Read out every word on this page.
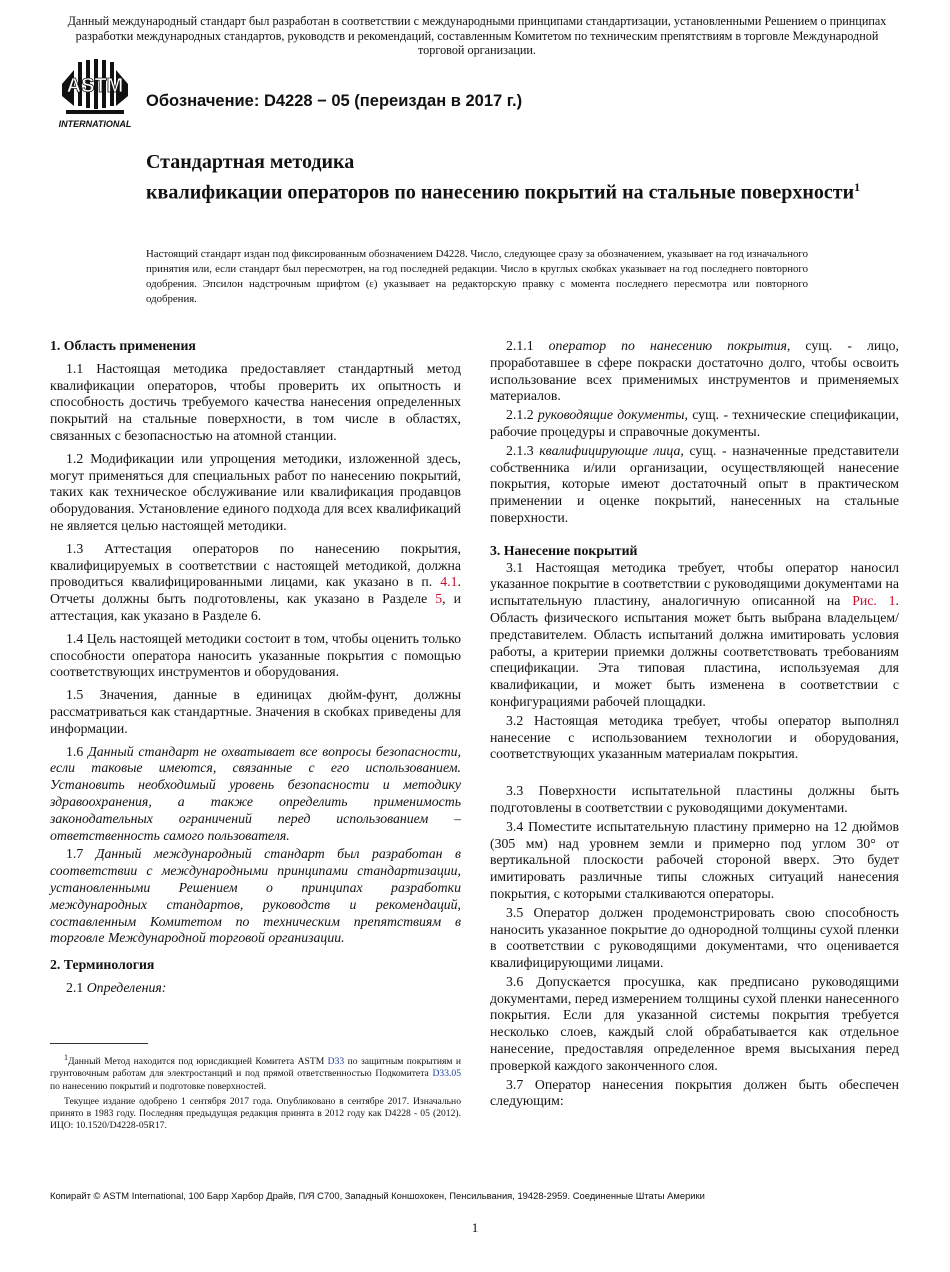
Данный международный стандарт был разработан в соответствии с международными принципами стандартизации, установленными Решением о принципах разработки международных стандартов, руководств и рекомендаций, составленным Комитетом по техническим препятствиям в торговле Международной торговой организации.
ASTM
INTERNATIONAL
Обозначение: D4228 − 05 (переиздан в 2017 г.)
Стандартная методика
квалификации операторов по нанесению покрытий на стальные поверхности$^1$
Настоящий стандарт издан под фиксированным обозначением D4228. Число, следующее сразу за обозначением, указывает на год изначального принятия или, если стандарт был пересмотрен, на год последней редакции. Число в круглых скобках указывает на год последнего повторного одобрения. Эпсилон надстрочным шрифтом (ε) указывает на редакторскую правку с момента последнего пересмотра или повторного одобрения.
1. Область применения

1.1 Настоящая методика предоставляет стандартный метод квалификации операторов, чтобы проверить их опытность и способность достичь требуемого качества нанесения определенных покрытий на стальные поверхности, в том числе в областях, связанных с безопасностью на атомной станции.

1.2 Модификации или упрощения методики, изложенной здесь, могут применяться для специальных работ по нанесению покрытий, таких как техническое обслуживание или квалификация продавцов оборудования. Установление единого подхода для всех квалификаций не является целью настоящей методики.

1.3 Аттестация операторов по нанесению покрытия, квалифицируемых в соответствии с настоящей методикой, должна проводиться квалифицированными лицами, как указано в п. 4.1. Отчеты должны быть подготовлены, как указано в Разделе 5, и аттестация, как указано в Разделе 6.

1.4 Цель настоящей методики состоит в том, чтобы оценить только способности оператора наносить указанные покрытия с помощью соответствующих инструментов и оборудования.

1.5 Значения, данные в единицах дюйм-фунт, должны рассматриваться как стандартные. Значения в скобках приведены для информации.

1.6 Данный стандарт не охватывает все вопросы безопасности, если таковые имеются, связанные с его использованием. Установить необходимый уровень безопасности и методику здравоохранения, а также определить применимость законодательных ограничений перед использованием – ответственность самого пользователя.

1.7 Данный международный стандарт был разработан в соответствии с международными принципами стандартизации, установленными Решением о принципах разработки международных стандартов, руководств и рекомендаций, составленным Комитетом по техническим препятствиям в торговле Международной торговой организации.

2. Терминология

2.1 Определения:

$^1$Данный Метод находится под юрисдикцией Комитета ASTM D33 по защитным покрытиям и грунтовочным работам для электростанций и под прямой ответственностью Подкомитета D33.05 по нанесению покрытий и подготовке поверхностей.

Текущее издание одобрено 1 сентября 2017 года. Опубликовано в сентябре 2017. Изначально принято в 1983 году. Последняя предыдущая редакция принята в 2012 году как D4228 - 05 (2012). ИЦО: 10.1520/D4228-05R17.

2.1.1 оператор по нанесению покрытия, сущ. - лицо, проработавшее в сфере покраски достаточно долго, чтобы освоить использование всех применимых инструментов и применяемых материалов.

2.1.2 руководящие документы, сущ. - технические спецификации, рабочие процедуры и справочные документы.

2.1.3 квалифицирующие лица, сущ. - назначенные представители собственника и/или организации, осуществляющей нанесение покрытия, которые имеют достаточный опыт в практическом применении и оценке покрытий, нанесенных на стальные поверхности.

3. Нанесение покрытий

3.1 Настоящая методика требует, чтобы оператор наносил указанное покрытие в соответствии с руководящими документами на испытательную пластину, аналогичную описанной на Рис. 1. Область физического испытания может быть выбрана владельцем/представителем. Область испытаний должна имитировать условия работы, а критерии приемки должны соответствовать требованиям спецификации. Эта типовая пластина, используемая для квалификации, и может быть изменена в соответствии с конфигурациями рабочей площадки.

3.2 Настоящая методика требует, чтобы оператор выполнял нанесение с использованием технологии и оборудования, соответствующих указанным материалам покрытия.

3.3 Поверхности испытательной пластины должны быть подготовлены в соответствии с руководящими документами.

3.4 Поместите испытательную пластину примерно на 12 дюймов (305 мм) над уровнем земли и примерно под углом 30° от вертикальной плоскости рабочей стороной вверх. Это будет имитировать различные типы сложных ситуаций нанесения покрытия, с которыми сталкиваются операторы.

3.5 Оператор должен продемонстрировать свою способность наносить указанное покрытие до однородной толщины сухой пленки в соответствии с руководящими документами, что оценивается квалифицирующими лицами.

3.6 Допускается просушка, как предписано руководящими документами, перед измерением толщины сухой пленки нанесенного покрытия. Если для указанной системы покрытия требуется несколько слоев, каждый слой обрабатывается как отдельное нанесение, предоставляя определенное время высыхания перед проверкой каждого законченного слоя.

3.7 Оператор нанесения покрытия должен быть обеспечен следующим:

Копирайт © ASTM International, 100 Барр Харбор Драйв, П/Я C700, Западный Коншохокен, Пенсильвания, 19428-2959. Соединенные Штаты Америки
1
